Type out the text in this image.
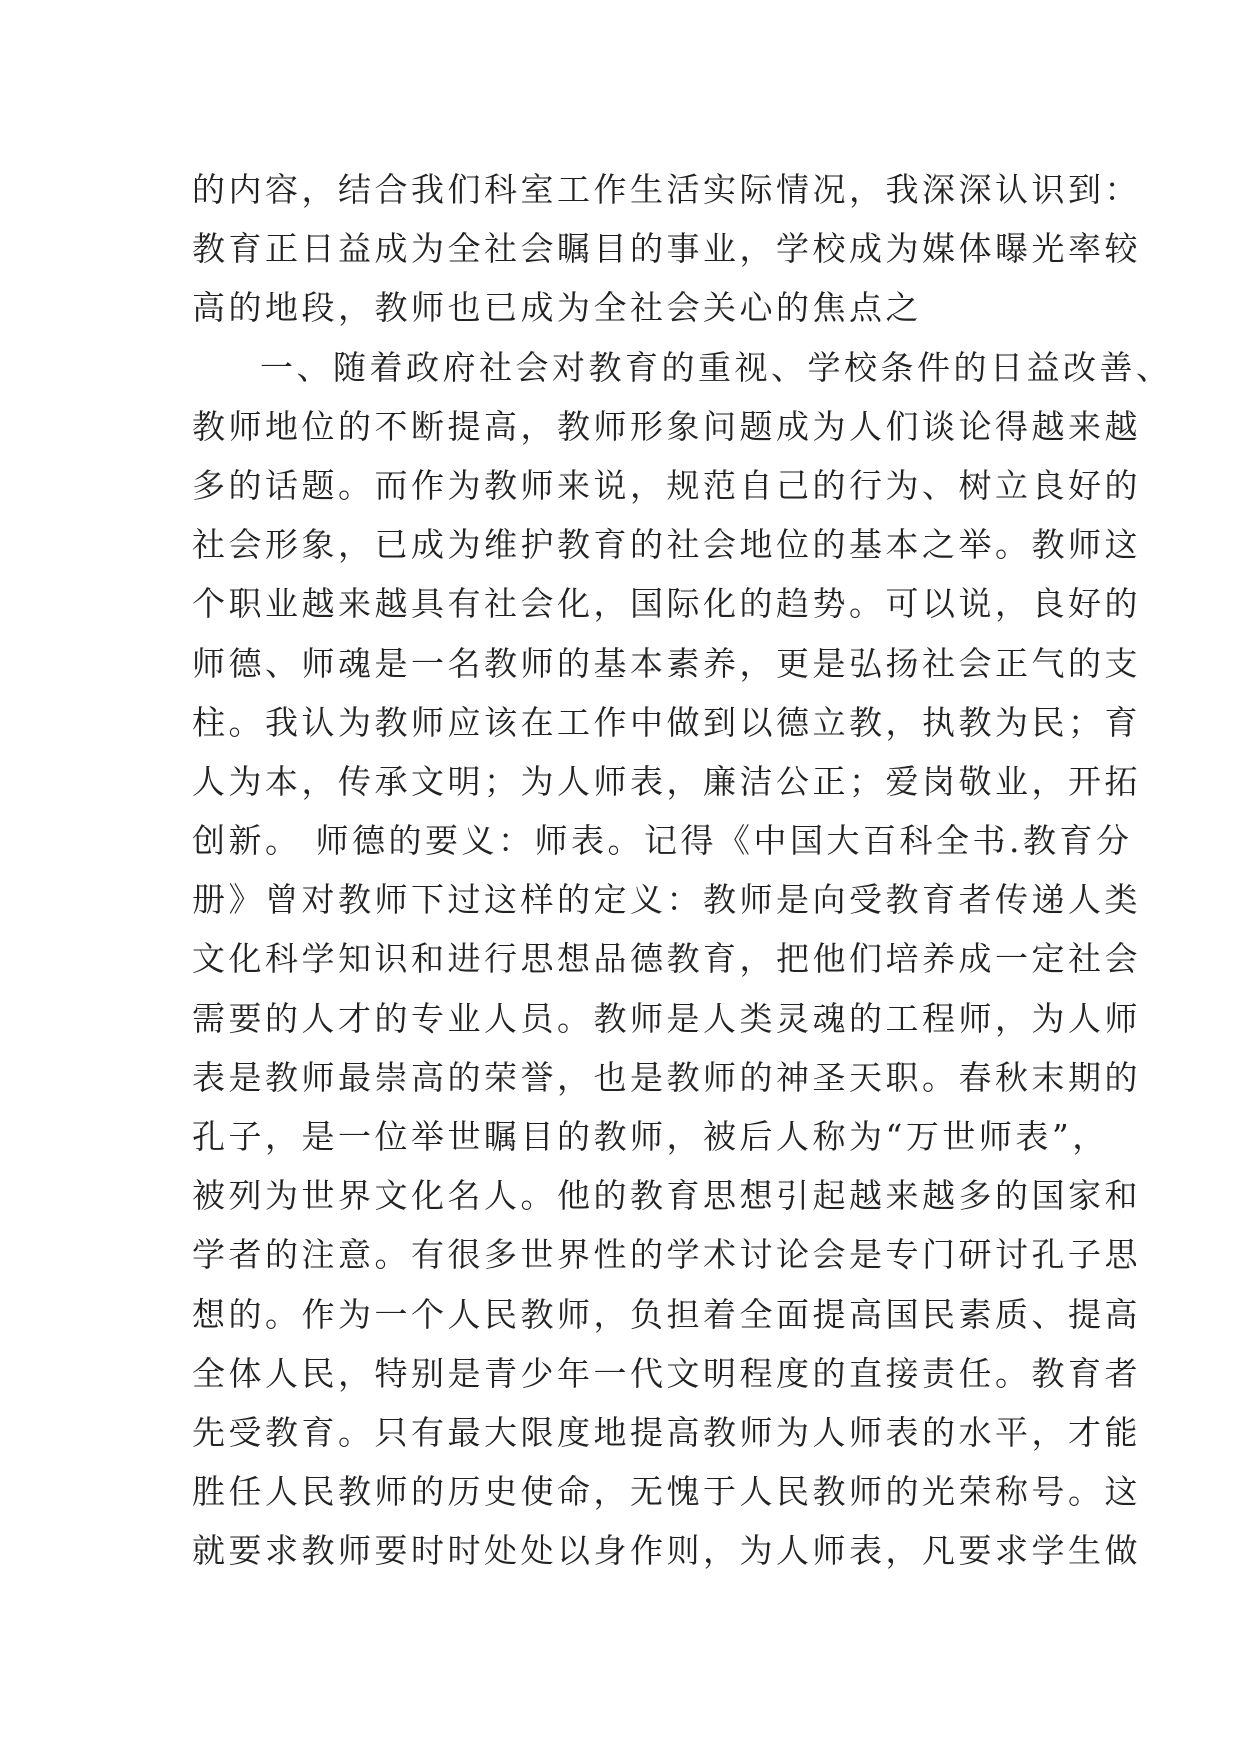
的内容，结合我们科室工作生活实际情况，我深深认识到：
教育正日益成为全社会瞩目的事业，学校成为媒体曝光率较
高的地段，教师也已成为全社会关心的焦点之
一、随着政府社会对教育的重视、学校条件的日益改善、
教师地位的不断提高，教师形象问题成为人们谈论得越来越
多的话题。而作为教师来说，规范自己的行为、树立良好的
社会形象，已成为维护教育的社会地位的基本之举。教师这
个职业越来越具有社会化，国际化的趋势。可以说，良好的
师德、师魂是一名教师的基本素养，更是弘扬社会正气的支
柱。我认为教师应该在工作中做到以德立教，执教为民；育
人为本，传承文明；为人师表，廉洁公正；爱岗敬业，开拓
创新。 师德的要义：师表。记得《中国大百科全书.教育分
册》曾对教师下过这样的定义：教师是向受教育者传递人类
文化科学知识和进行思想品德教育，把他们培养成一定社会
需要的人才的专业人员。教师是人类灵魂的工程师，为人师
表是教师最崇高的荣誉，也是教师的神圣天职。春秋末期的
孔子，是一位举世瞩目的教师，被后人称为“万世师表”，
被列为世界文化名人。他的教育思想引起越来越多的国家和
学者的注意。有很多世界性的学术讨论会是专门研讨孔子思
想的。作为一个人民教师，负担着全面提高国民素质、提高
全体人民，特别是青少年一代文明程度的直接责任。教育者
先受教育。只有最大限度地提高教师为人师表的水平，才能
胜任人民教师的历史使命，无愧于人民教师的光荣称号。这
就要求教师要时时处处以身作则，为人师表，凡要求学生做
